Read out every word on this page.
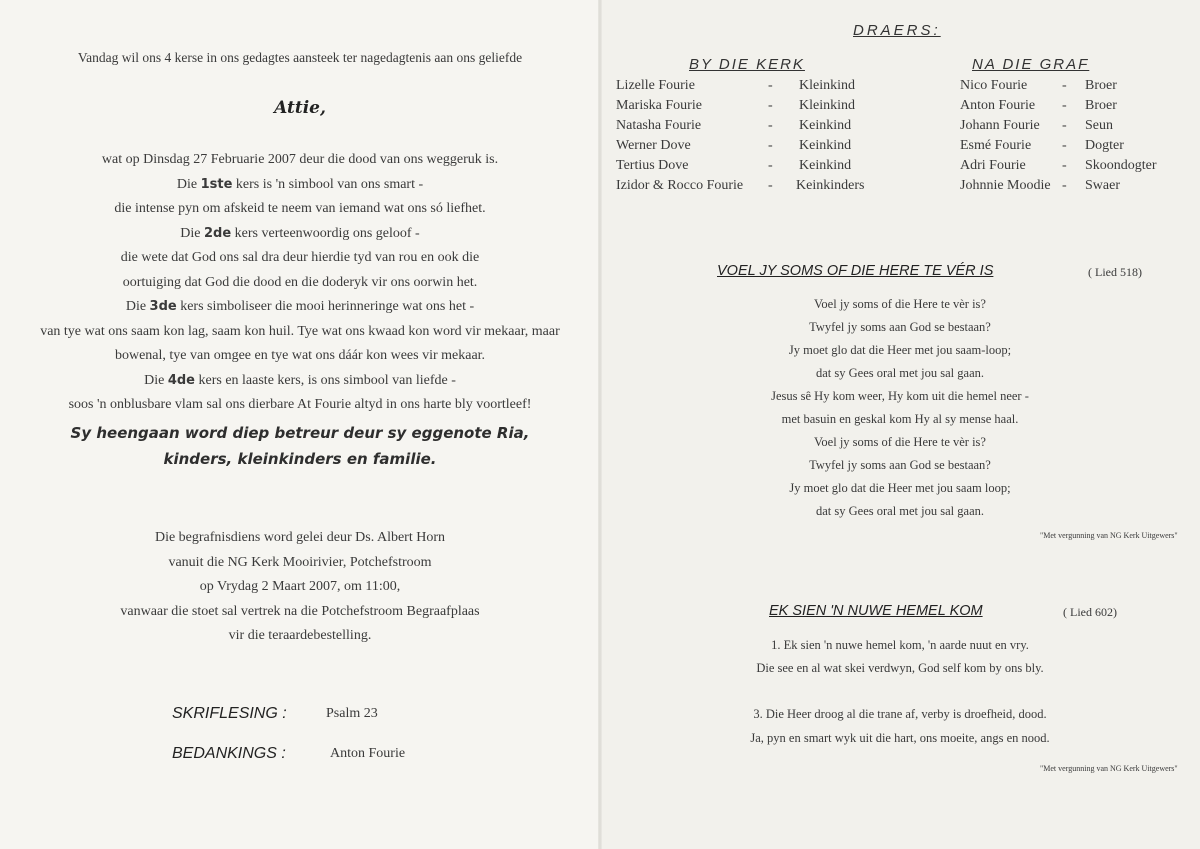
Vandag wil ons 4 kerse in ons gedagtes aansteek ter nagedagtenis aan ons geliefde
Attie,
wat op Dinsdag 27 Februarie 2007 deur die dood van ons weggeruk is.
Die 1ste kers is 'n simbool van ons smart -
die intense pyn om afskeid te neem van iemand wat ons só liefhet.
Die 2de kers verteenwoordig ons geloof -
die wete dat God ons sal dra deur hierdie tyd van rou en ook die
oortuiging dat God die dood en die doderyk vir ons oorwin het.
Die 3de kers simboliseer die mooi herinneringe wat ons het -
van tye wat ons saam kon lag, saam kon huil. Tye wat ons kwaad kon word vir mekaar, maar
bowenal, tye van omgee en tye wat ons dáár kon wees vir mekaar.
Die 4de kers en laaste kers, is ons simbool van liefde -
soos 'n onblusbare vlam sal ons dierbare At Fourie altyd in ons harte bly voortleef!
Sy heengaan word diep betreur deur sy eggenote Ria,
kinders, kleinkinders en familie.
Die begrafnisdiens word gelei deur Ds. Albert Horn
vanuit die NG Kerk Mooirivier, Potchefstroom
op Vrydag 2 Maart 2007, om 11:00,
vanwaar die stoet sal vertrek na die Potchefstroom Begraafplaas
vir die teraardebestelling.
SKRIFLESING :	Psalm 23
BEDANKINGS :	Anton Fourie
DRAERS:
BY DIE KERK	NA DIE GRAF
Lizelle Fourie	- Kleinkind
Mariska Fourie	- Kleinkind
Natasha Fourie	- Keinkind
Werner Dove	- Keinkind
Tertius Dove	- Keinkind
Izidor & Rocco Fourie - Keinkinders
Nico Fourie - Broer
Anton Fourie - Broer
Johann Fourie - Seun
Esmé Fourie - Dogter
Adri Fourie	- Skoondogter
Johnnie Moodie - Swaer
VOEL JY SOMS OF DIE HERE TE VÉR IS	( Lied 518)
Voel jy soms of die Here te vèr is?
Twyfel jy soms aan God se bestaan?
Jy moet glo dat die Heer met jou saam-loop;
dat sy Gees oral met jou sal gaan.
Jesus sê Hy kom weer, Hy kom uit die hemel neer -
met basuin en geskal kom Hy al sy mense haal.
Voel jy soms of die Here te vèr is?
Twyfel jy soms aan God se bestaan?
Jy moet glo dat die Heer met jou saam loop;
dat sy Gees oral met jou sal gaan.
"Met vergunning van NG Kerk Uitgewers"
EK SIEN 'N NUWE HEMEL KOM	( Lied 602)
1. Ek sien 'n nuwe hemel kom, 'n aarde nuut en vry.
Die see en al wat skei verdwyn, God self kom by ons bly.
3. Die Heer droog al die trane af, verby is droefheid, dood.
Ja, pyn en smart wyk uit die hart, ons moeite, angs en nood.
"Met vergunning van NG Kerk Uitgewers"
